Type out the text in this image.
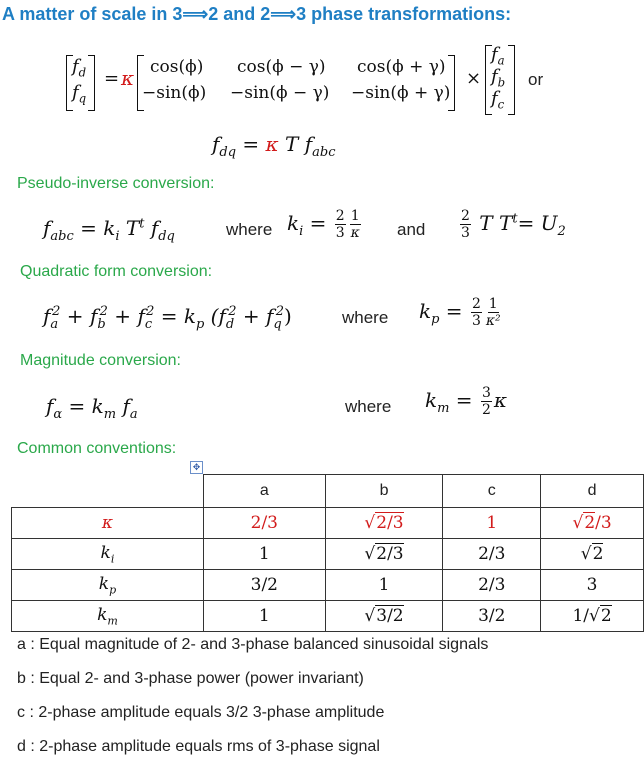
A matter of scale in 3⟹2 and 2⟹3 phase transformations:
$f_d$
$f_q$
= κ cos(ϕ) cos(ϕ − γ) cos(ϕ + γ)
−sin(ϕ) −sin(ϕ − γ) −sin(ϕ + γ)
×
$f_a$
$f_b$
$f_c$
or
$f_{dq} = \kappa$ T $f_{abc}$
Pseudo-inverse conversion:
$f_{abc} = k_i$ $T^t$ $f_{dq}$	where $k_i = \frac{2}{3} \frac{1}{\kappa}$ and $\frac{2}{3}$ T $T^t= U_2$
Quadratic form conversion:
$f_a^2 + f_b^2 + f_c^2 = k_p$ $(f_d^2 + f_q^2)$	where $k_p = \frac{2}{3} \frac{1}{\text{κ²}}$
Magnitude conversion:
$f_\alpha = k_m$ $f_a$	where $k_m = \frac{3}{2}$ κ
Common conventions:
✥
	a	b	c	d
κ	2/3	√2/3	1	√2/3
$k_i$	1	√2/3	2/3	√2
$k_p$	3/2	1	2/3	3
$k_m$	1	√3/2	3/2	1/√2
a : Equal magnitude of 2- and 3-phase balanced sinusoidal signals
b : Equal 2- and 3-phase power (power invariant)
c : 2-phase amplitude equals 3/2 3-phase amplitude
d : 2-phase amplitude equals rms of 3-phase signal
